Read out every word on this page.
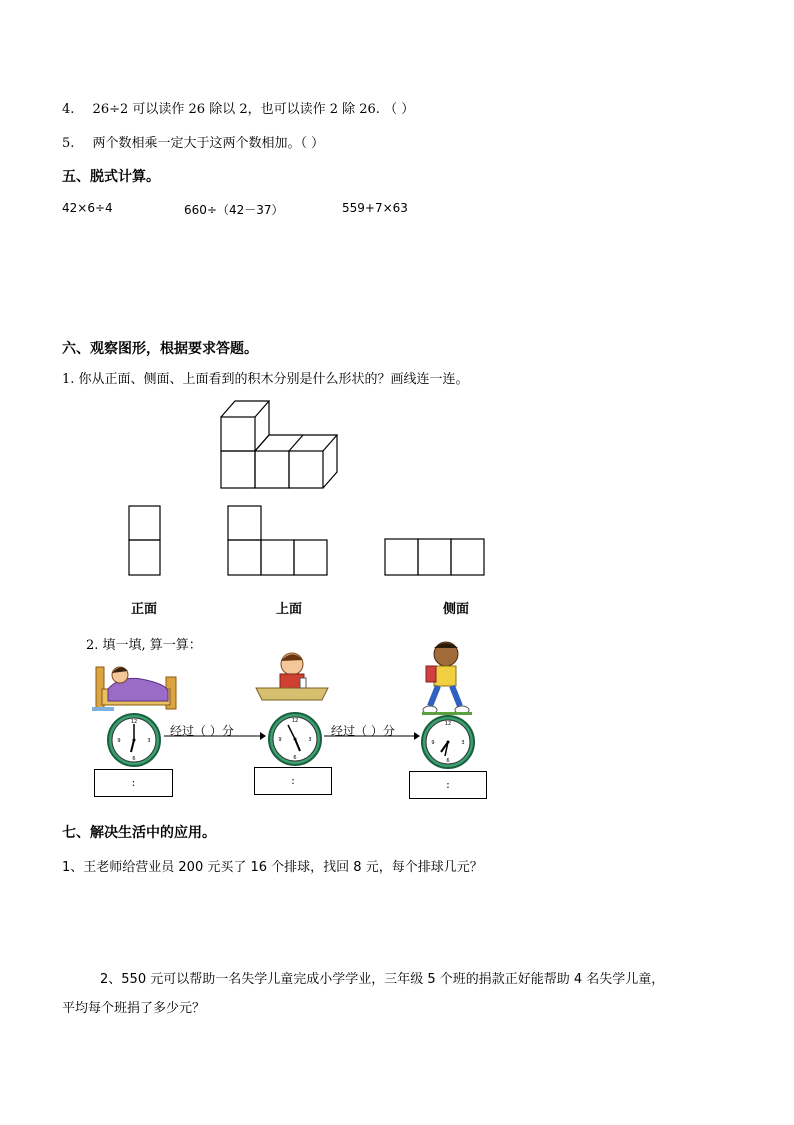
4. 26÷2 可以读作 26 除以 2，也可以读作 2 除 26. （ ）
5. 两个数相乘一定大于这两个数相加。（ ）
五、脱式计算。
42×6÷4	660÷（42－37）	559+7×63
六、观察图形，根据要求答题。
1. 你从正面、侧面、上面看到的积木分别是什么形状的？画线连一连。
正面	上面	侧面
2. 填一填, 算一算：
12
3
6
9
12
3
6
9
12
3
6
9
经过（ ）分	经过（ ）分
:	:	:
七、解决生活中的应用。
1、王老师给营业员 200 元买了 16 个排球，找回 8 元，每个排球几元？
2、550 元可以帮助一名失学儿童完成小学学业，三年级 5 个班的捐款正好能帮助 4 名失学儿童，
平均每个班捐了多少元？
